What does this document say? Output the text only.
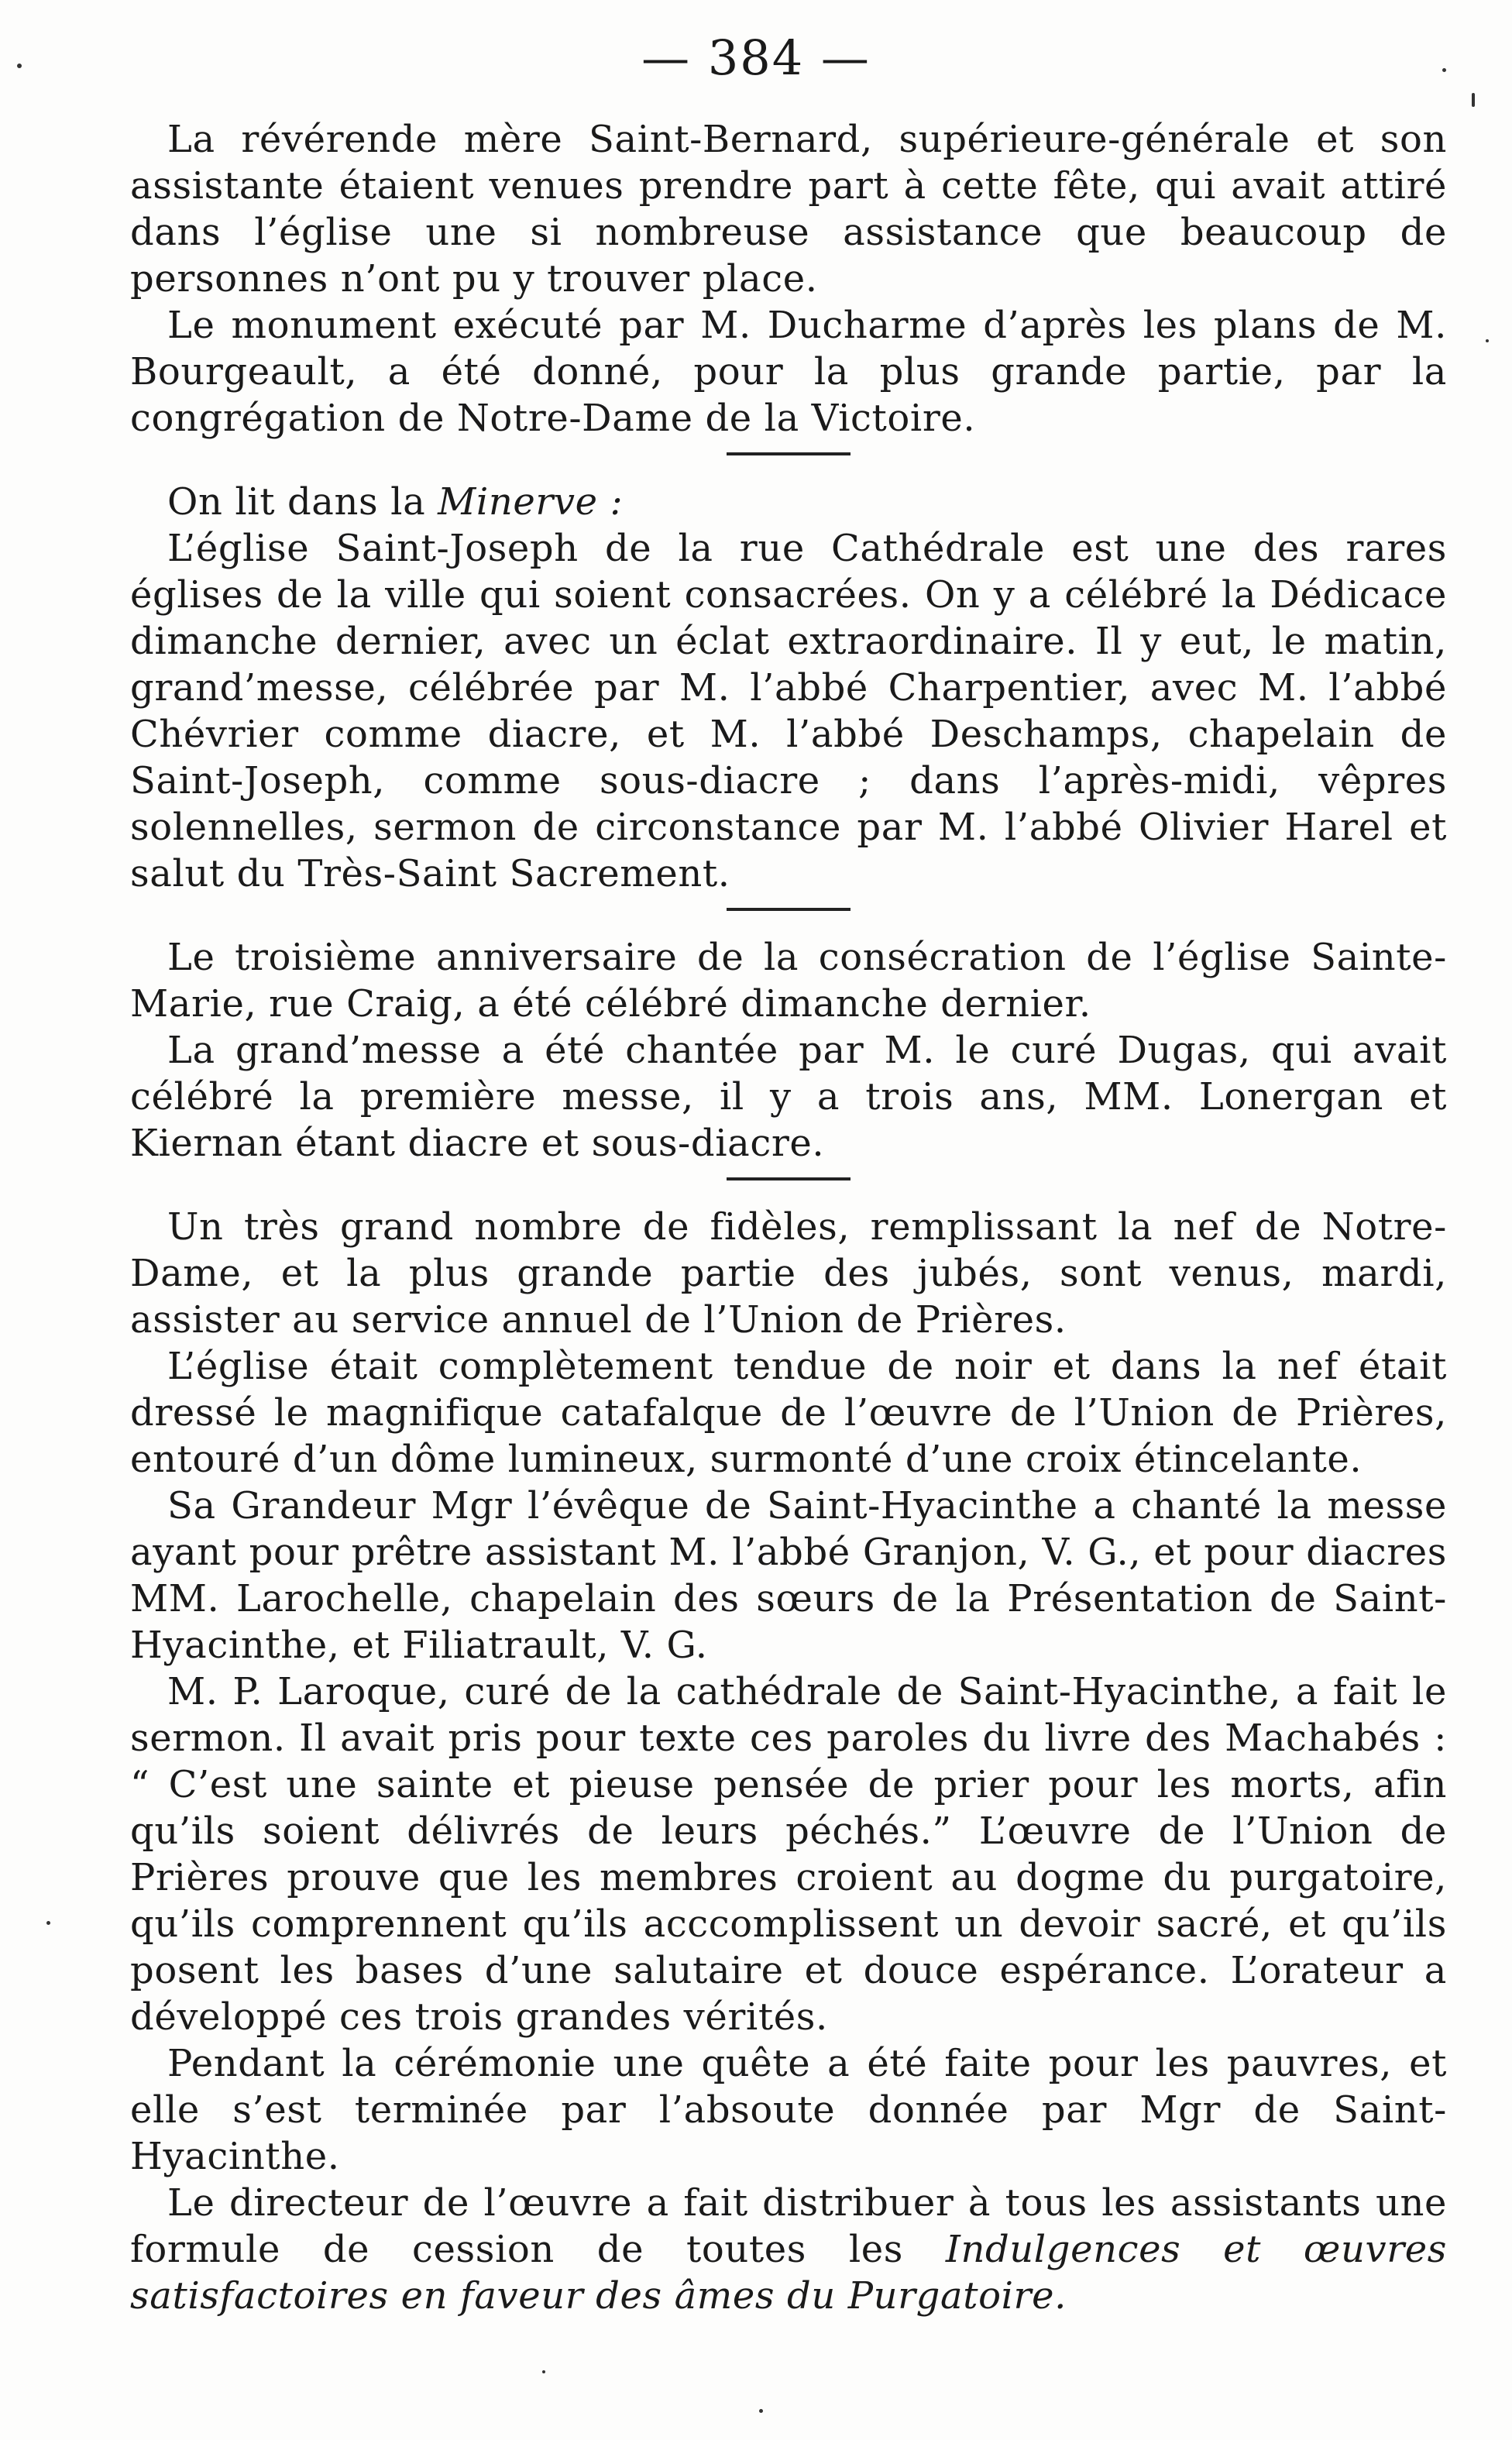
— 384 —

La révérende mère Saint-Bernard, supérieure-générale et son assistante étaient venues prendre part à cette fête, qui avait attiré dans l’église une si nombreuse assistance que beaucoup de personnes n’ont pu y trouver place.

Le monument exécuté par M. Ducharme d’après les plans de M. Bourgeault, a été donné, pour la plus grande partie, par la congrégation de Notre-Dame de la Victoire.

On lit dans la Minerve :

L’église Saint-Joseph de la rue Cathédrale est une des rares églises de la ville qui soient consacrées. On y a célébré la Dédicace dimanche dernier, avec un éclat extraordinaire. Il y eut, le matin, grand’messe, célébrée par M. l’abbé Charpentier, avec M. l’abbé Chévrier comme diacre, et M. l’abbé Deschamps, chapelain de Saint-Joseph, comme sous-diacre ; dans l’après-midi, vêpres solennelles, sermon de circonstance par M. l’abbé Olivier Harel et salut du Très-Saint Sacrement.

Le troisième anniversaire de la consécration de l’église Sainte-Marie, rue Craig, a été célébré dimanche dernier.

La grand’messe a été chantée par M. le curé Dugas, qui avait célébré la première messe, il y a trois ans, MM. Lonergan et Kiernan étant diacre et sous-diacre.

Un très grand nombre de fidèles, remplissant la nef de Notre-Dame, et la plus grande partie des jubés, sont venus, mardi, assister au service annuel de l’Union de Prières.

L’église était complètement tendue de noir et dans la nef était dressé le magnifique catafalque de l’œuvre de l’Union de Prières, entouré d’un dôme lumineux, surmonté d’une croix étincelante.

Sa Grandeur Mgr l’évêque de Saint-Hyacinthe a chanté la messe ayant pour prêtre assistant M. l’abbé Granjon, V. G., et pour diacres MM. Larochelle, chapelain des sœurs de la Présentation de Saint-Hyacinthe, et Filiatrault, V. G.

M. P. Laroque, curé de la cathédrale de Saint-Hyacinthe, a fait le sermon. Il avait pris pour texte ces paroles du livre des Machabés : “ C’est une sainte et pieuse pensée de prier pour les morts, afin qu’ils soient délivrés de leurs péchés.” L’œuvre de l’Union de Prières prouve que les membres croient au dogme du purgatoire, qu’ils comprennent qu’ils acccomplissent un devoir sacré, et qu’ils posent les bases d’une salutaire et douce espérance. L’orateur a développé ces trois grandes vérités.

Pendant la cérémonie une quête a été faite pour les pauvres, et elle s’est terminée par l’absoute donnée par Mgr de Saint-Hyacinthe.

Le directeur de l’œuvre a fait distribuer à tous les assistants une formule de cession de toutes les Indulgences et œuvres satisfactoires en faveur des âmes du Purgatoire.
